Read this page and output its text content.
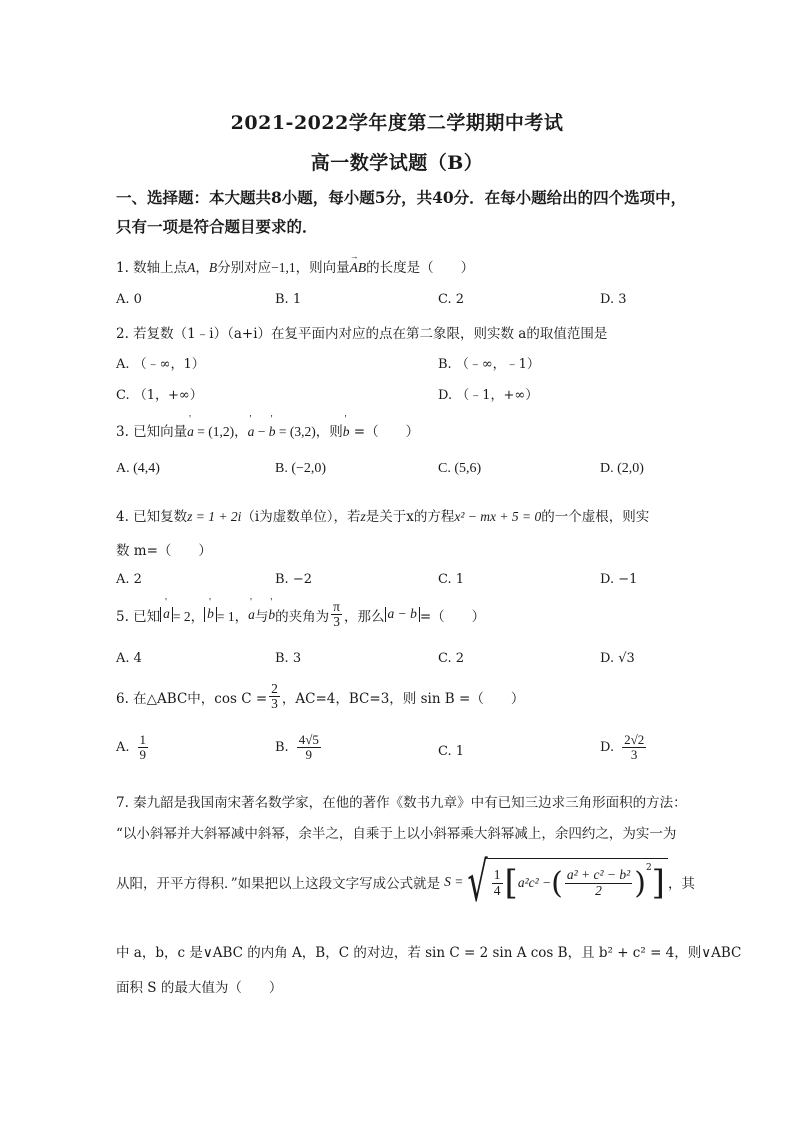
2021-2022学年度第二学期期中考试
高一数学试题（B）
一、选择题：本大题共8小题，每小题5分，共40分．在每小题给出的四个选项中，
只有一项是符合题目要求的．
1. 数轴上点A，B分别对应−1,1，则向量→ AB的长度是（　　）
A. 0	B. 1	C. 2	D. 3
2. 若复数（1﹣i）（a+i）在复平面内对应的点在第二象限，则实数 a的取值范围是
A. （﹣∞，1）	B. （﹣∞，﹣1）
C. （1，+∞）	D. （﹣1，+∞）
3. 已知向量' a = (1,2)，' a − ' b = (3,2)，则' b =（　　）
A. (4,4)	B. (−2,0)	C. (5,6)	D. (2,0)
4. 已知复数z = 1 + 2i（i为虚数单位），若z是关于x的方程x² − mx + 5 = 0的一个虚根，则实
数 m=（　　）
A. 2	B. −2	C. 1	D. −1
5. 已知 ' a = 2， ' b = 1， ' a 与 ' b 的夹角为 $\frac{\pi}{3}$ ，那么 a − b =（　　）
A. 4	B. 3	C. 2	D. √3
6. 在△ABC中，$\cos C = \frac{2}{3}$ ，AC=4，BC=3，则 sin B =（　　）
A. $\frac{1}{9}$	B. $\frac{4√5}{9}$	C. 1	D. $\frac{2√2}{3}$
7. 秦九韶是我国南宋著名数学家，在他的著作《数书九章》中有已知三边求三角形面积的方法：
“以小斜幂并大斜幂减中斜幂，余半之，自乘于上以小斜幂乘大斜幂减上，余四约之，为实一为
从阳，开平方得积．”如果把以上这段文字写成公式就是 S = √ $\frac{1}{4}$ [ a²c² − ( $\frac{\text{a² + c² − b²}}{2} )^2$ ] ，其
中 a，b，c 是∨ABC 的内角 A，B，C 的对边，若 sin C = 2 sin A cos B，且 b² + c² = 4，则∨ABC
面积 S 的最大值为（　　）
